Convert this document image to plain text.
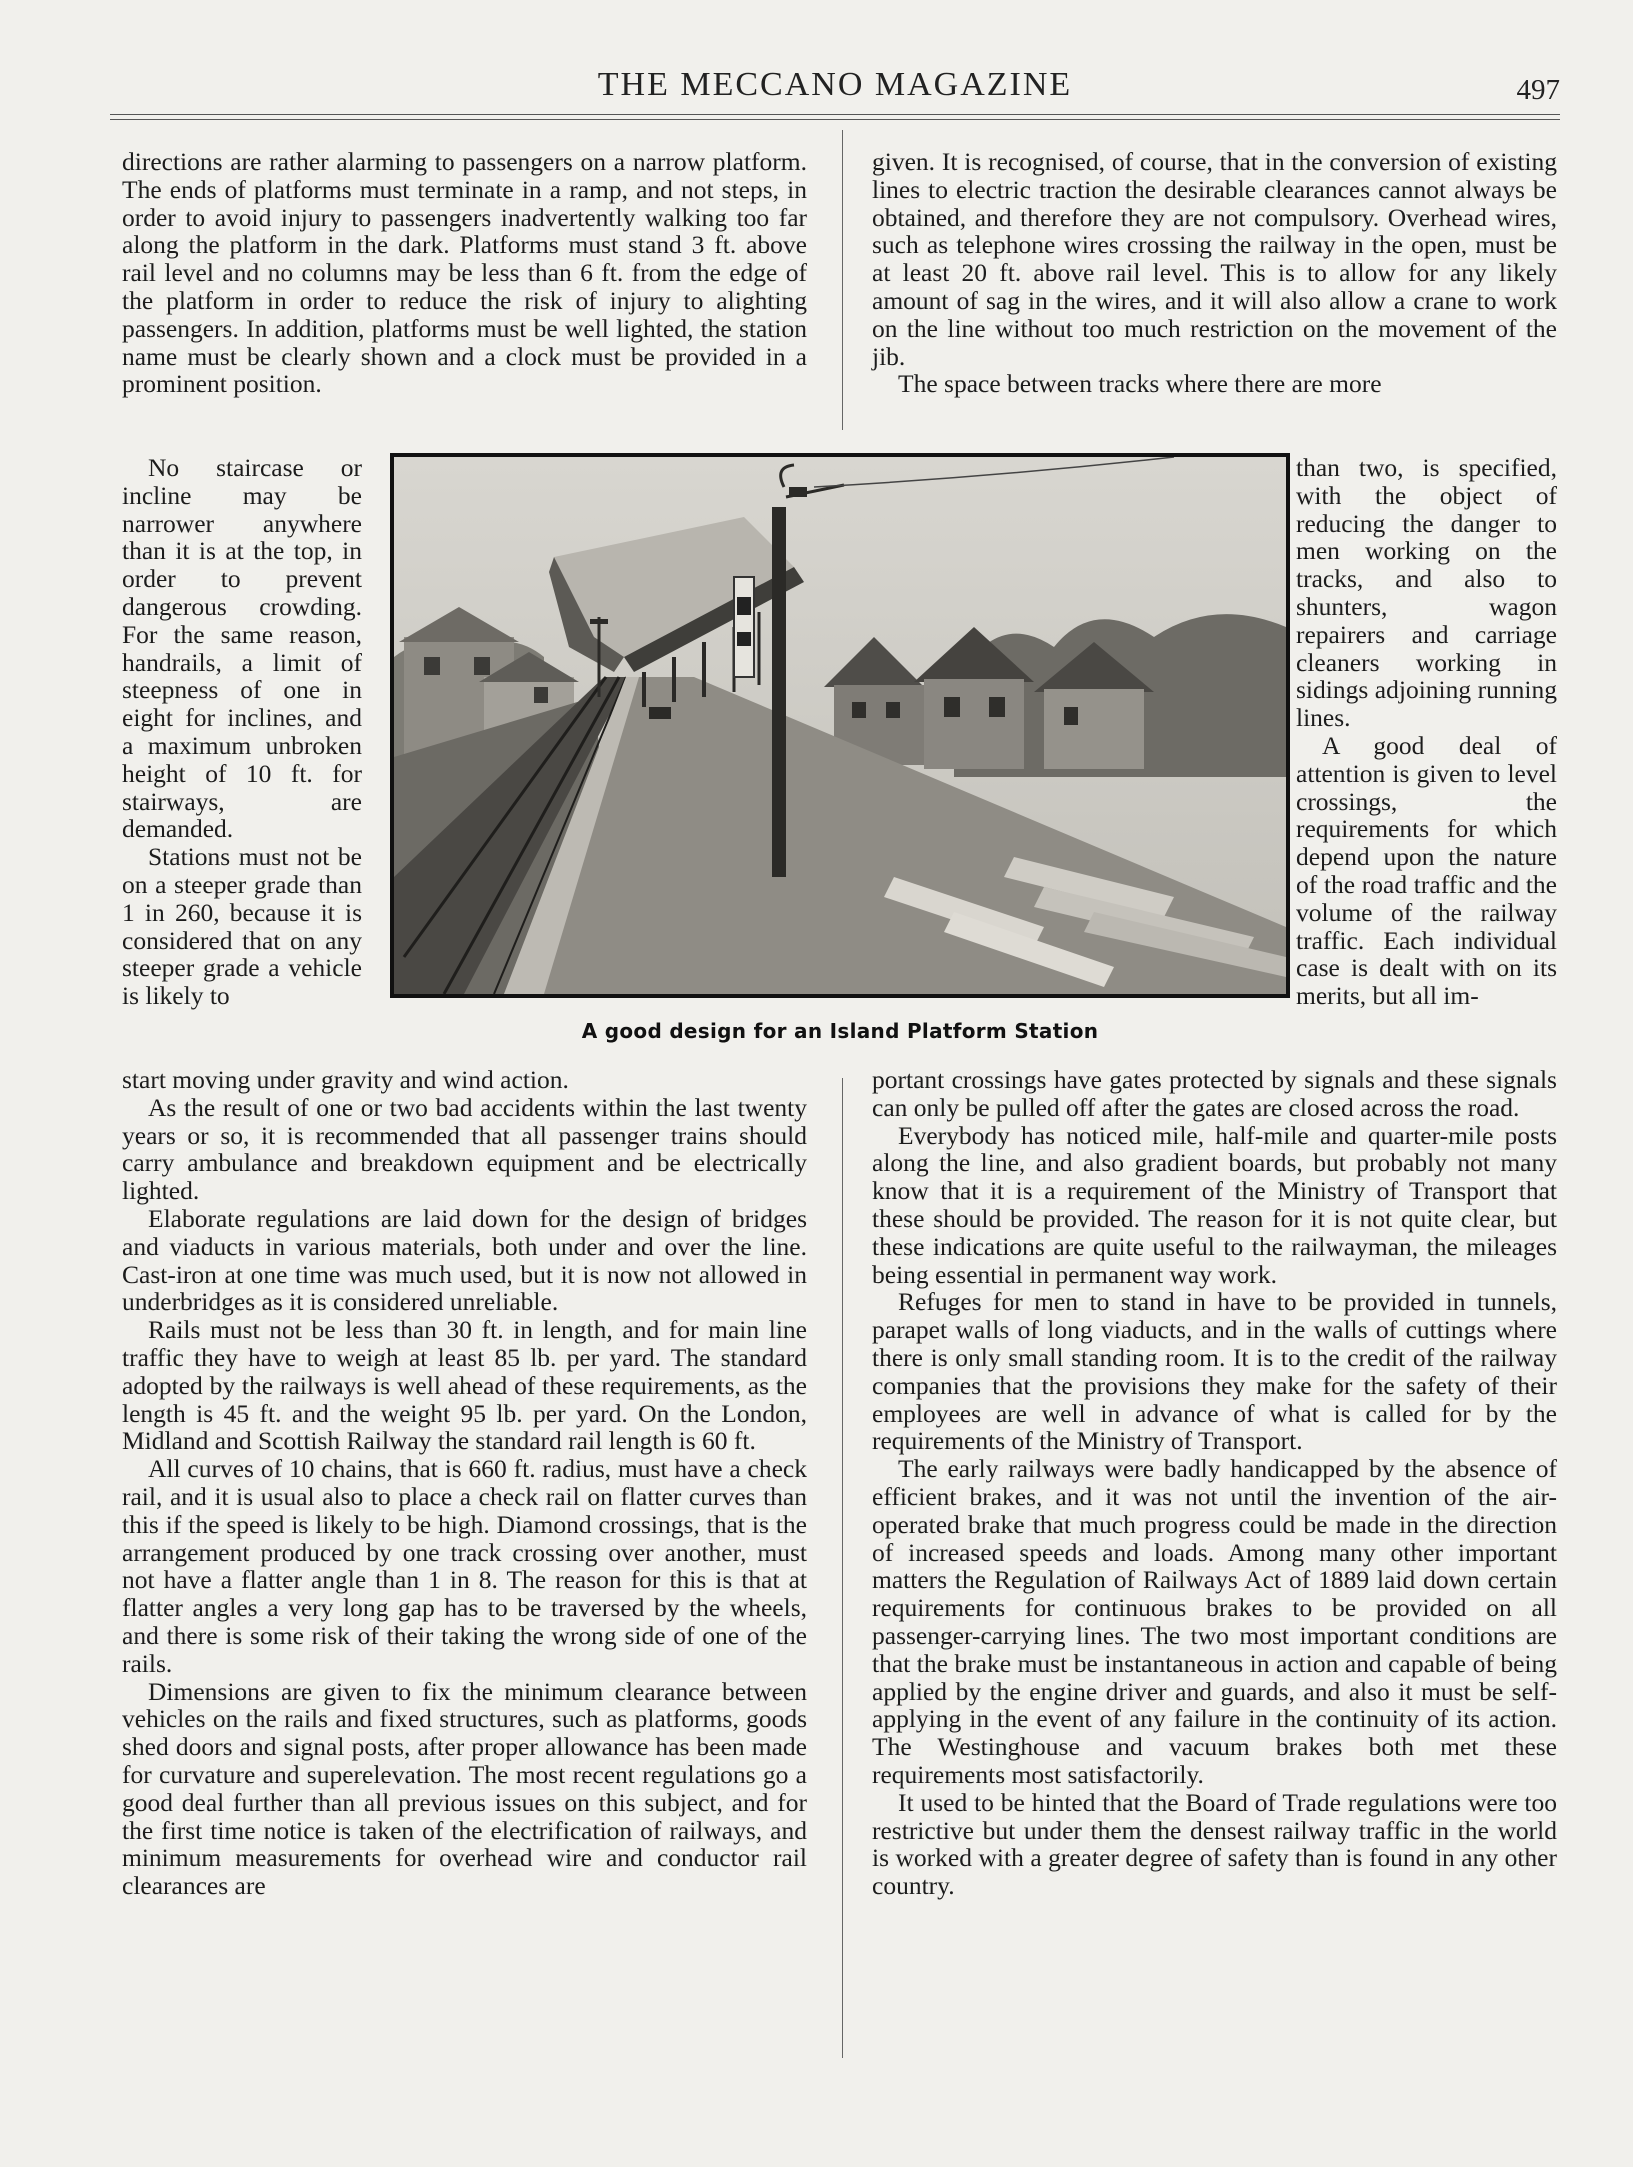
THE MECCANO MAGAZINE	497

directions are rather alarming to passengers on a narrow platform. The ends of platforms must terminate in a ramp, and not steps, in order to avoid injury to passengers inadvertently walking too far along the platform in the dark. Platforms must stand 3 ft. above rail level and no columns may be less than 6 ft. from the edge of the platform in order to reduce the risk of injury to alighting passengers. In addition, platforms must be well lighted, the station name must be clearly shown and a clock must be provided in a prominent position.

No staircase or incline may be narrower anywhere than it is at the top, in order to prevent dangerous crowding. For the same reason, handrails, a limit of steepness of one in eight for inclines, and a maximum unbroken height of 10 ft. for stairways, are demanded.

Stations must not be on a steeper grade than 1 in 260, because it is considered that on any steeper grade a vehicle is likely to

start moving under gravity and wind action.

As the result of one or two bad accidents within the last twenty years or so, it is recommended that all passenger trains should carry ambulance and breakdown equipment and be electrically lighted.

Elaborate regulations are laid down for the design of bridges and viaducts in various materials, both under and over the line. Cast-iron at one time was much used, but it is now not allowed in underbridges as it is considered unreliable.

Rails must not be less than 30 ft. in length, and for main line traffic they have to weigh at least 85 lb. per yard. The standard adopted by the railways is well ahead of these requirements, as the length is 45 ft. and the weight 95 lb. per yard. On the London, Midland and Scottish Railway the standard rail length is 60 ft.

All curves of 10 chains, that is 660 ft. radius, must have a check rail, and it is usual also to place a check rail on flatter curves than this if the speed is likely to be high. Diamond crossings, that is the arrangement produced by one track crossing over another, must not have a flatter angle than 1 in 8. The reason for this is that at flatter angles a very long gap has to be traversed by the wheels, and there is some risk of their taking the wrong side of one of the rails.

Dimensions are given to fix the minimum clearance between vehicles on the rails and fixed structures, such as platforms, goods shed doors and signal posts, after proper allowance has been made for curvature and superelevation. The most recent regulations go a good deal further than all previous issues on this subject, and for the first time notice is taken of the electrification of railways, and minimum measurements for overhead wire and conductor rail clearances are

given. It is recognised, of course, that in the conversion of existing lines to electric traction the desirable clearances cannot always be obtained, and therefore they are not compulsory. Overhead wires, such as telephone wires crossing the railway in the open, must be at least 20 ft. above rail level. This is to allow for any likely amount of sag in the wires, and it will also allow a crane to work on the line without too much restriction on the movement of the jib.

The space between tracks where there are more

than two, is specified, with the object of reducing the danger to men working on the tracks, and also to shunters, wagon repairers and carriage cleaners working in sidings adjoining running lines.

A good deal of attention is given to level crossings, the requirements for which depend upon the nature of the road traffic and the volume of the railway traffic. Each individual case is dealt with on its merits, but all im-

portant crossings have gates protected by signals and these signals can only be pulled off after the gates are closed across the road.

Everybody has noticed mile, half-mile and quarter-mile posts along the line, and also gradient boards, but probably not many know that it is a requirement of the Ministry of Transport that these should be provided. The reason for it is not quite clear, but these indications are quite useful to the railwayman, the mileages being essential in permanent way work.

Refuges for men to stand in have to be provided in tunnels, parapet walls of long viaducts, and in the walls of cuttings where there is only small standing room. It is to the credit of the railway companies that the provisions they make for the safety of their employees are well in advance of what is called for by the requirements of the Ministry of Transport.

The early railways were badly handicapped by the absence of efficient brakes, and it was not until the invention of the air-operated brake that much progress could be made in the direction of increased speeds and loads. Among many other important matters the Regulation of Railways Act of 1889 laid down certain requirements for continuous brakes to be provided on all passenger-carrying lines. The two most important conditions are that the brake must be instantaneous in action and capable of being applied by the engine driver and guards, and also it must be self-applying in the event of any failure in the continuity of its action. The Westinghouse and vacuum brakes both met these requirements most satisfactorily.

It used to be hinted that the Board of Trade regulations were too restrictive but under them the densest railway traffic in the world is worked with a greater degree of safety than is found in any other country.

A good design for an Island Platform Station
